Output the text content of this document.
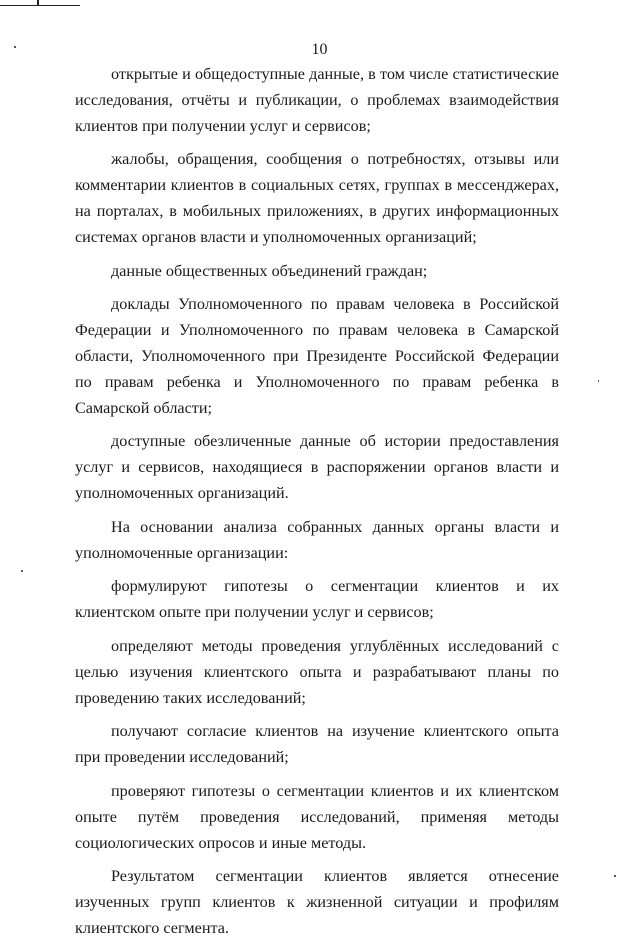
10

открытые и общедоступные данные, в том числе статистические исследования, отчёты и публикации, о проблемах взаимодействия клиентов при получении услуг и сервисов;

жалобы, обращения, сообщения о потребностях, отзывы или комментарии клиентов в социальных сетях, группах в мессенджерах, на порталах, в мобильных приложениях, в других информационных системах органов власти и уполномоченных организаций;

данные общественных объединений граждан;

доклады Уполномоченного по правам человека в Российской Федерации и Уполномоченного по правам человека в Самарской области, Уполномоченного при Президенте Российской Федерации по правам ребенка и Уполномоченного по правам ребенка в Самарской области;

доступные обезличенные данные об истории предоставления услуг и сервисов, находящиеся в распоряжении органов власти и уполномоченных организаций.

На основании анализа собранных данных органы власти и уполномоченные организации:

формулируют гипотезы о сегментации клиентов и их клиентском опыте при получении услуг и сервисов;

определяют методы проведения углублённых исследований с целью изучения клиентского опыта и разрабатывают планы по проведению таких исследований;

получают согласие клиентов на изучение клиентского опыта при проведении исследований;

проверяют гипотезы о сегментации клиентов и их клиентском опыте путём проведения исследований, применяя методы социологических опросов и иные методы.

Результатом сегментации клиентов является отнесение изученных групп клиентов к жизненной ситуации и профилям клиентского сегмента.
